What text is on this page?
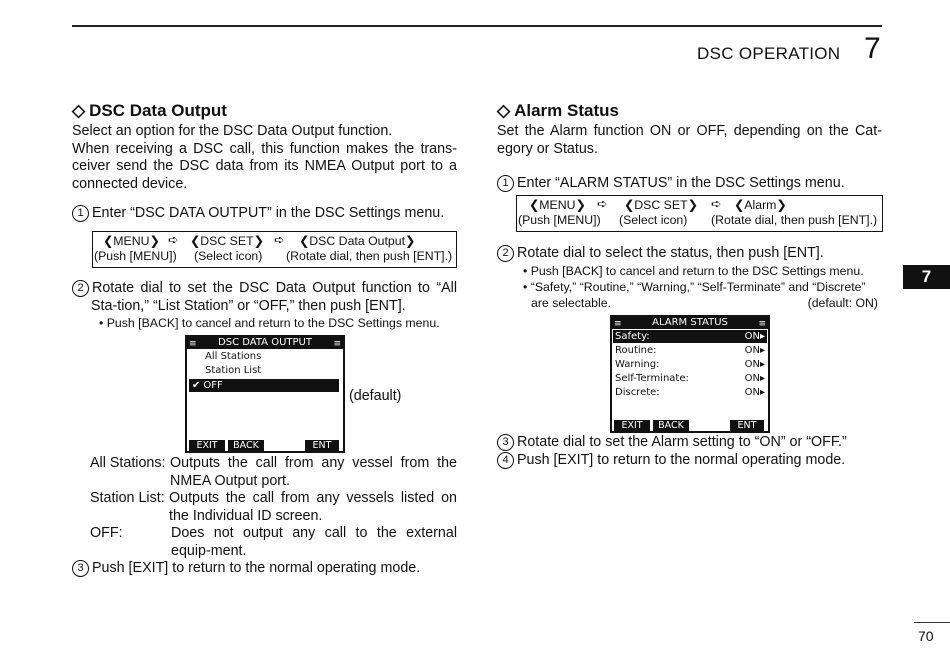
DSC OPERATION 7
7
◇ DSC Data Output
Select an option for the DSC Data Output function.
When receiving a DSC call, this function makes the trans-ceiver send the DSC data from its NMEA Output port to a connected device.
1 Enter “DSC DATA OUTPUT” in the DSC Settings menu.
❮MENU❯ ➪ ❮DSC SET❯ ➪ ❮DSC Data Output❯
(Push [MENU]) (Select icon) (Rotate dial, then push [ENT].)
2 Rotate dial to set the DSC Data Output function to “All Sta-tion,” “List Station” or “OFF,” then push [ENT].
• Push [BACK] to cancel and return to the DSC Settings menu.
≡ DSC DATA OUTPUT ≡
All Stations
Station List
✔ OFF
EXIT	BACK	ENT
(default)
All Stations: Outputs the call from any vessel from the NMEA Output port.
Station List: Outputs the call from any vessels listed on the Individual ID screen.
OFF:	Does not output any call to the external equip-ment.
3 Push [EXIT] to return to the normal operating mode.
◇ Alarm Status
Set the Alarm function ON or OFF, depending on the Cat-egory or Status.
1 Enter “ALARM STATUS” in the DSC Settings menu.
❮MENU❯ ➪ ❮DSC SET❯ ➪ ❮Alarm❯
(Push [MENU]) (Select icon) (Rotate dial, then push [ENT].)
2 Rotate dial to select the status, then push [ENT].
• Push [BACK] to cancel and return to the DSC Settings menu.
• “Safety,” “Routine,” “Warning,” “Self-Terminate” and “Discrete” are selectable.	(default: ON)
≡	ALARM STATUS	≡
Safety:	ON▸
Routine:	ON▸
Warning:	ON▸
Self-Terminate:	ON▸
Discrete:	ON▸
EXIT	BACK	ENT
3 Rotate dial to set the Alarm setting to “ON” or “OFF.”
4 Push [EXIT] to return to the normal operating mode.
70
